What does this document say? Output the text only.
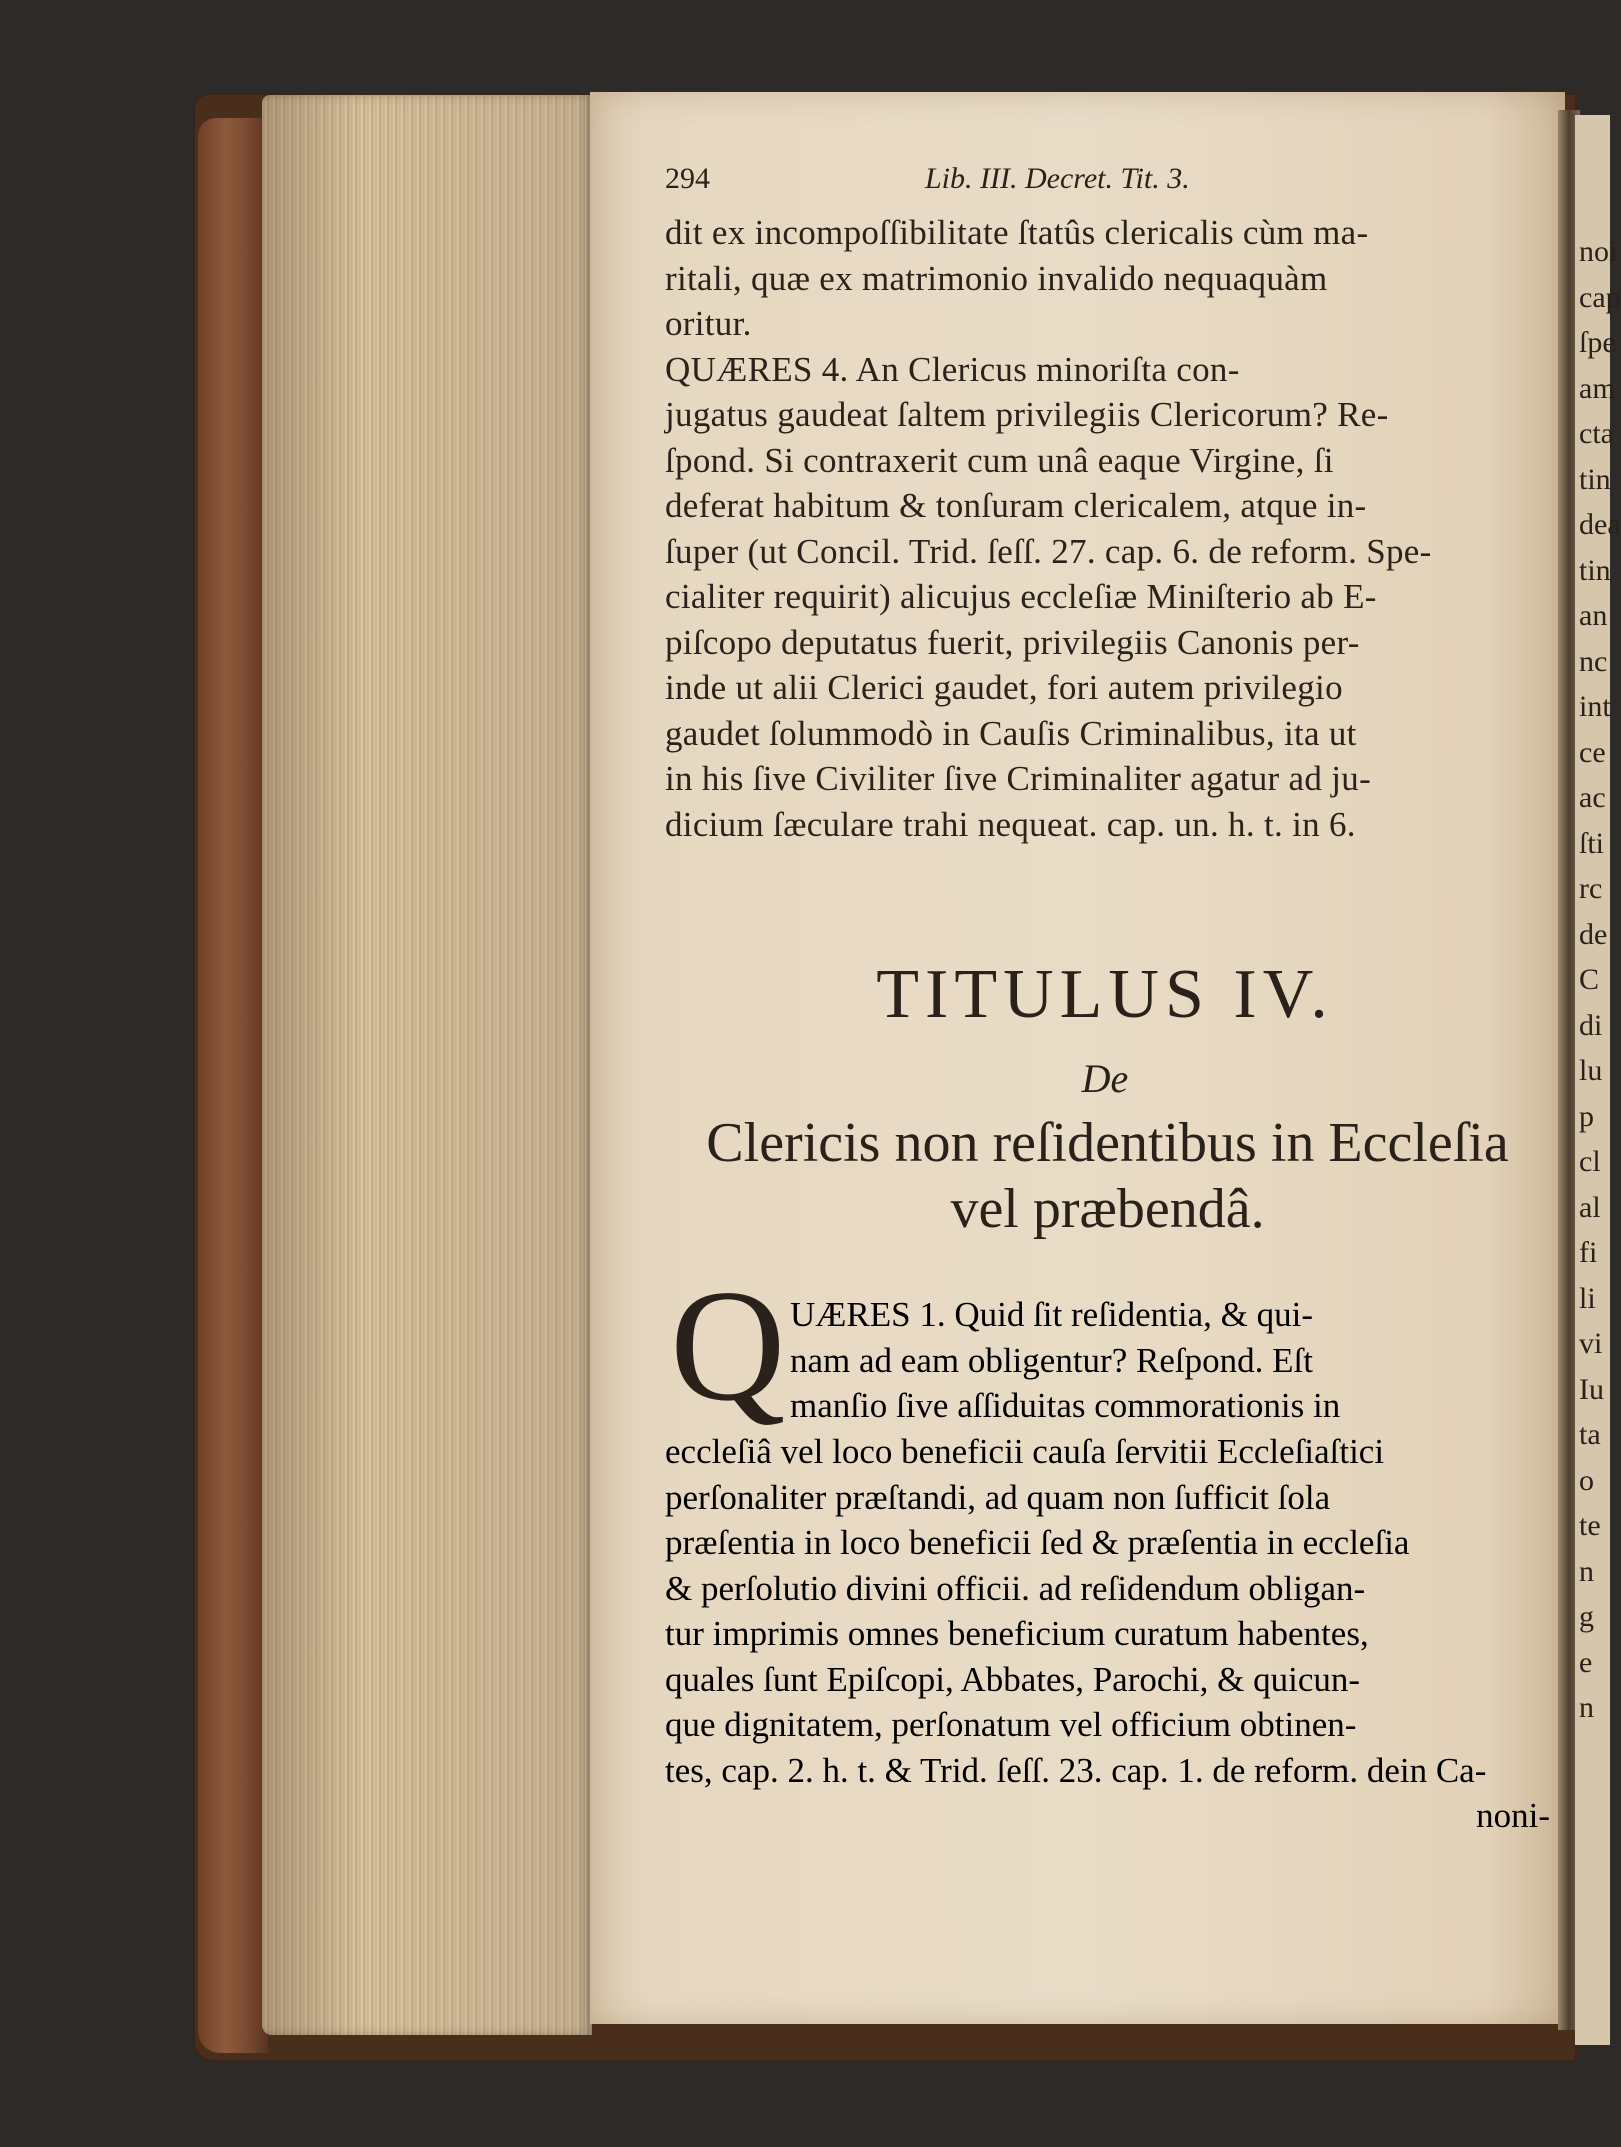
noi
cap
ſpe
am
cta
tin
dea
tin
an
nc
int
ce
ac
ſti
rc
de
C
di
lu
p
cl
al
fi
li
vi
Iu
ta
o
te
n
g
e
n
294	Lib. III. Decret. Tit. 3.
dit ex incompoſſibilitate ſtatûs clericalis cùm ma-
ritali, quæ ex matrimonio invalido nequaquàm
oritur.
QUÆRES 4. An Clericus minoriſta con-
jugatus gaudeat ſaltem privilegiis Clericorum? Re-
ſpond. Si contraxerit cum unâ eaque Virgine, ſi
deferat habitum & tonſuram clericalem, atque in-
ſuper (ut Concil. Trid. ſeſſ. 27. cap. 6. de reform. Spe-
cialiter requirit) alicujus eccleſiæ Miniſterio ab E-
piſcopo deputatus fuerit, privilegiis Canonis per-
inde ut alii Clerici gaudet, fori autem privilegio
gaudet ſolummodò in Cauſis Criminalibus, ita ut
in his ſive Civiliter ſive Criminaliter agatur ad ju-
dicium ſæculare trahi nequeat. cap. un. h. t. in 6.
TITULUS IV.
De
Clericis non reſidentibus in Eccleſia
vel præbendâ.
Q UÆRES 1. Quid ſit reſidentia, & qui-
nam ad eam obligentur? Reſpond. Eſt
manſio ſive aſſiduitas commorationis in
eccleſiâ vel loco beneficii cauſa ſervitii Eccleſiaſtici
perſonaliter præſtandi, ad quam non ſufficit ſola
præſentia in loco beneficii ſed & præſentia in eccleſia
& perſolutio divini officii. ad reſidendum obligan-
tur imprimis omnes beneficium curatum habentes,
quales ſunt Epiſcopi, Abbates, Parochi, & quicun-
que dignitatem, perſonatum vel officium obtinen-
tes, cap. 2. h. t. & Trid. ſeſſ. 23. cap. 1. de reform. dein Ca-
noni-
